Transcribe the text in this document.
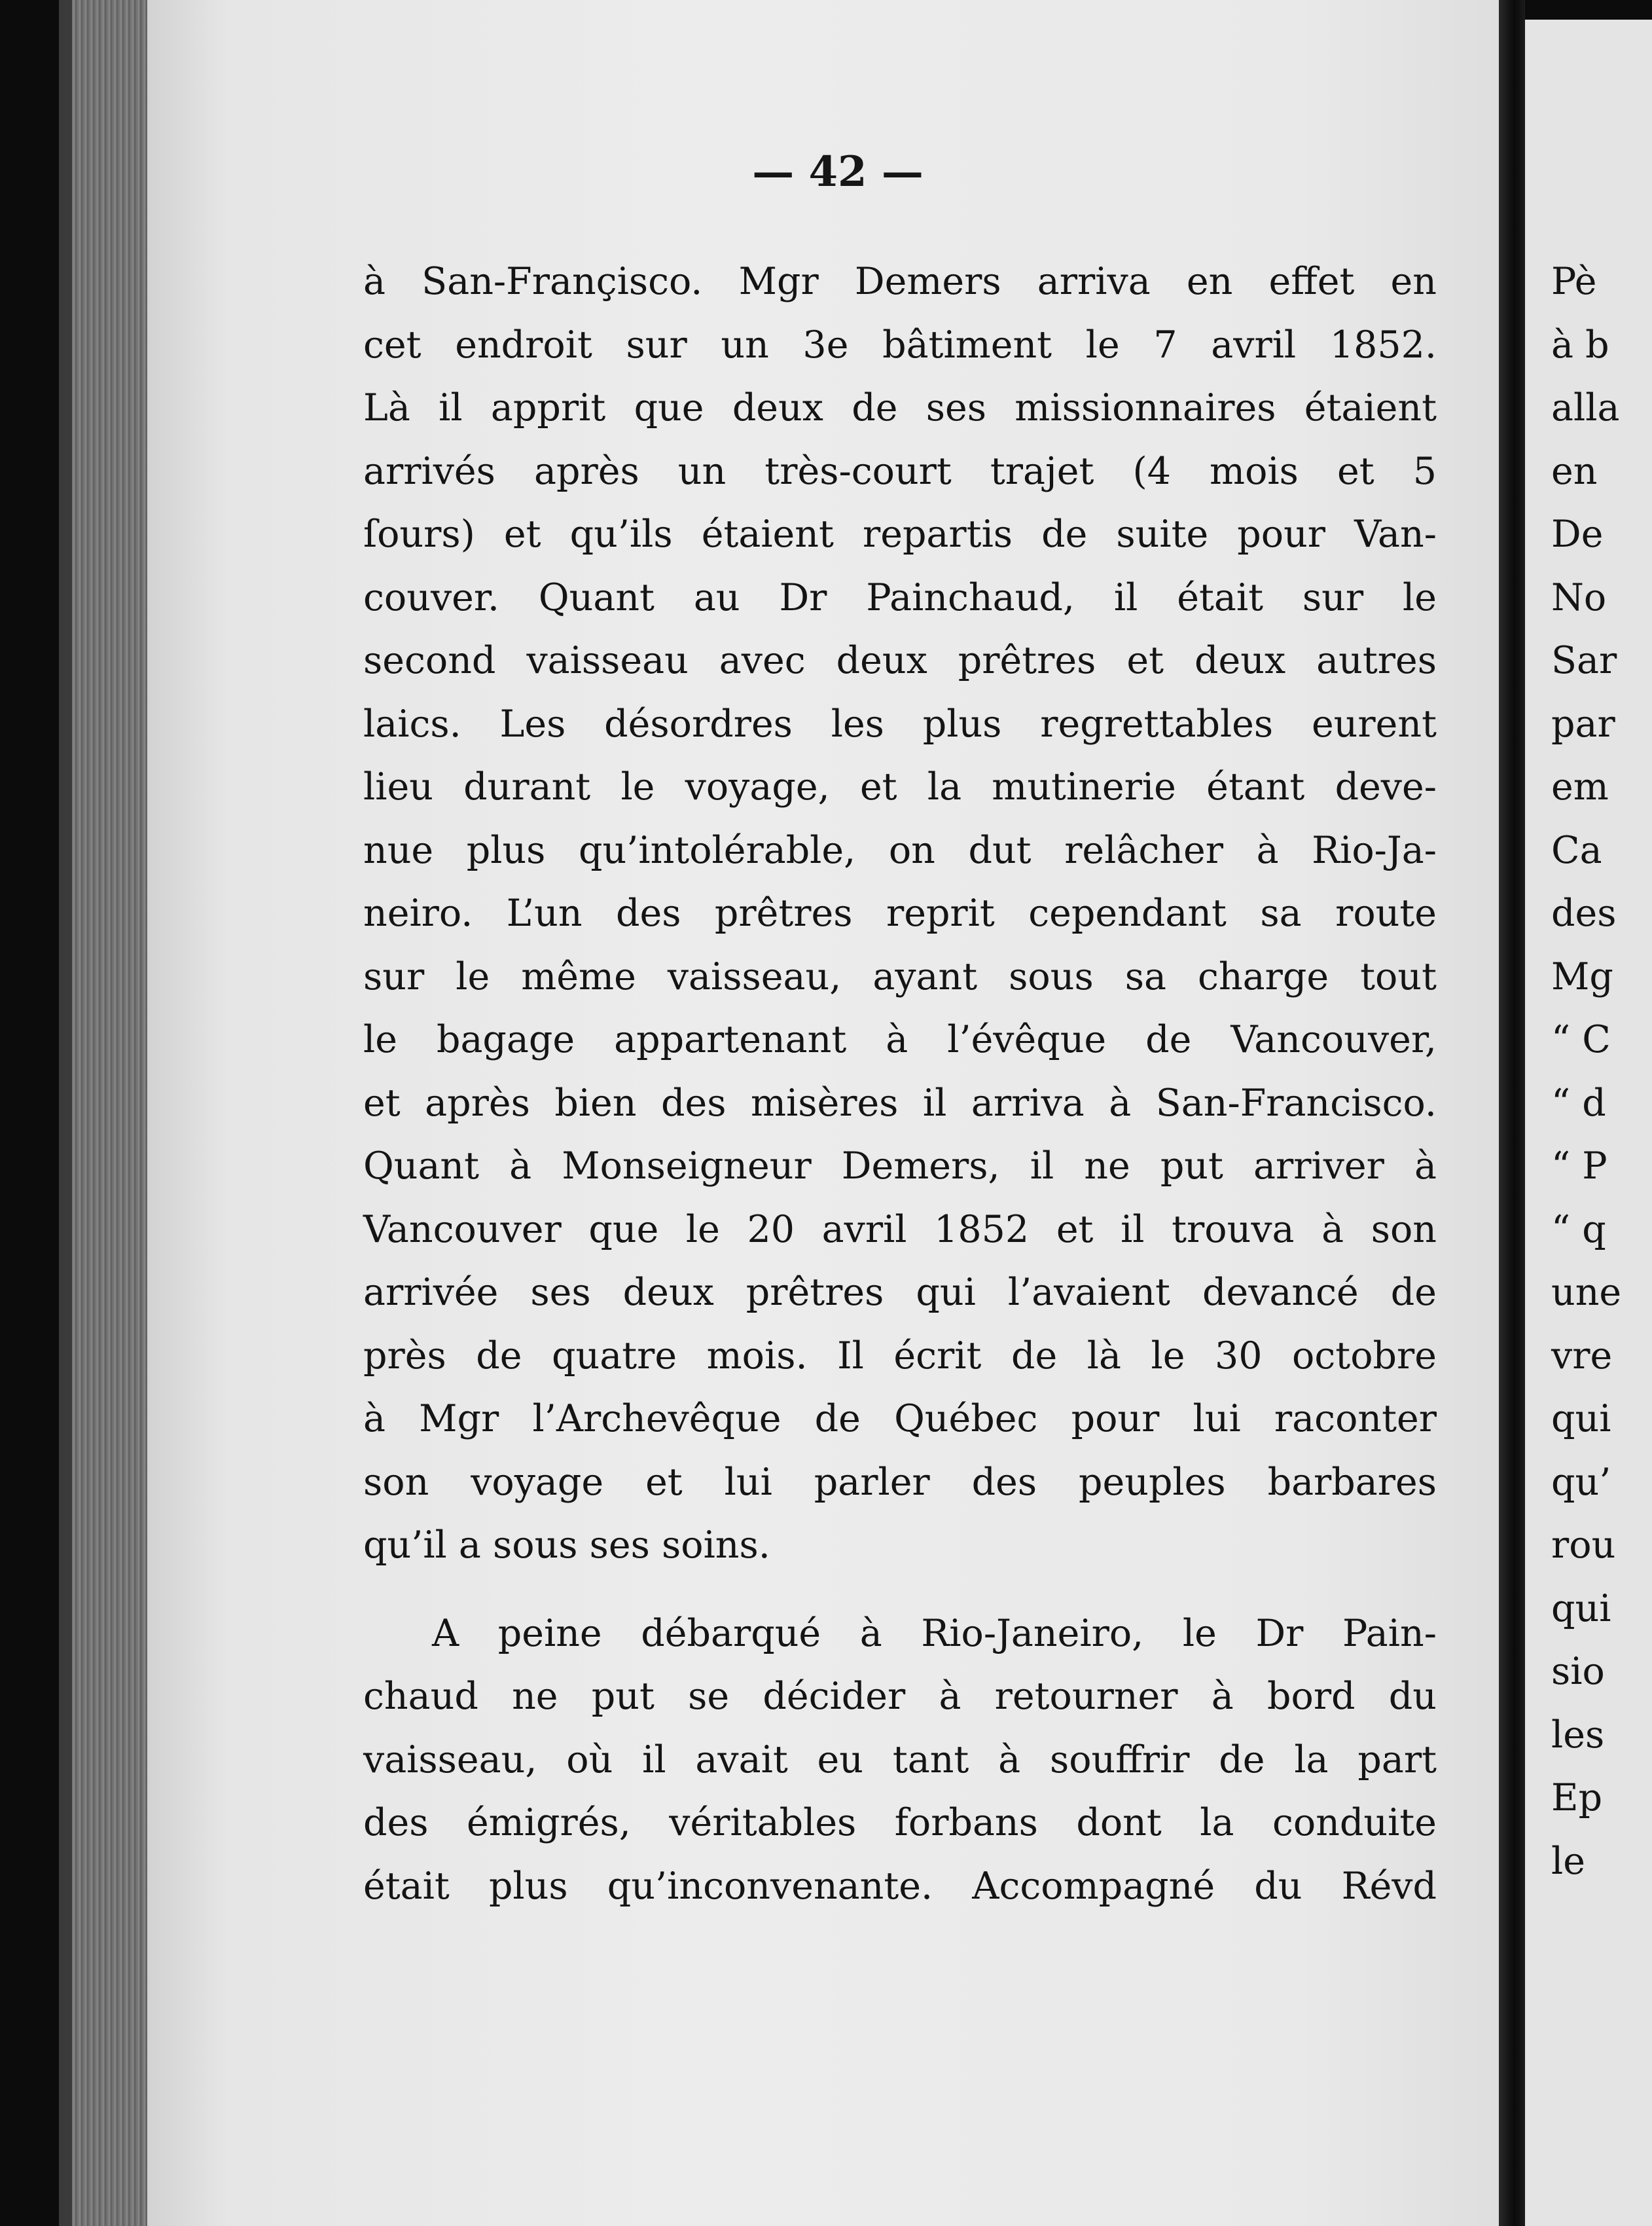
— 42 —
à San-Françisco. Mgr Demers arriva en effet en
cet endroit sur un 3e bâtiment le 7 avril 1852.
Là il apprit que deux de ses missionnaires étaient
arrivés après un très-court trajet (4 mois et 5
ſours) et qu’ils étaient repartis de suite pour Van-
couver. Quant au Dr Painchaud, il était sur le
second vaisseau avec deux prêtres et deux autres
laics. Les désordres les plus regrettables eurent
lieu durant le voyage, et la mutinerie étant deve-
nue plus qu’intolérable, on dut relâcher à Rio-Ja-
neiro. L’un des prêtres reprit cependant sa route
sur le même vaisseau, ayant sous sa charge tout
le bagage appartenant à l’évêque de Vancouver,
et après bien des misères il arriva à San-Francisco.
Quant à Monseigneur Demers, il ne put arriver à
Vancouver que le 20 avril 1852 et il trouva à son
arrivée ses deux prêtres qui l’avaient devancé de
près de quatre mois. Il écrit de là le 30 octobre
à Mgr l’Archevêque de Québec pour lui raconter
son voyage et lui parler des peuples barbares
qu’il a sous ses soins.
A peine débarqué à Rio-Janeiro, le Dr Pain-
chaud ne put se décider à retourner à bord du
vaisseau, où il avait eu tant à souffrir de la part
des émigrés, véritables forbans dont la conduite
était plus qu’inconvenante. Accompagné du Révd
Pè
à b
alla
en
De
No
Sar
par
em
Ca
des
Mg
“ C
“ d
“ P
“ q
une
vre
qui
qu’
rou
qui
sio
les
Ep
le
